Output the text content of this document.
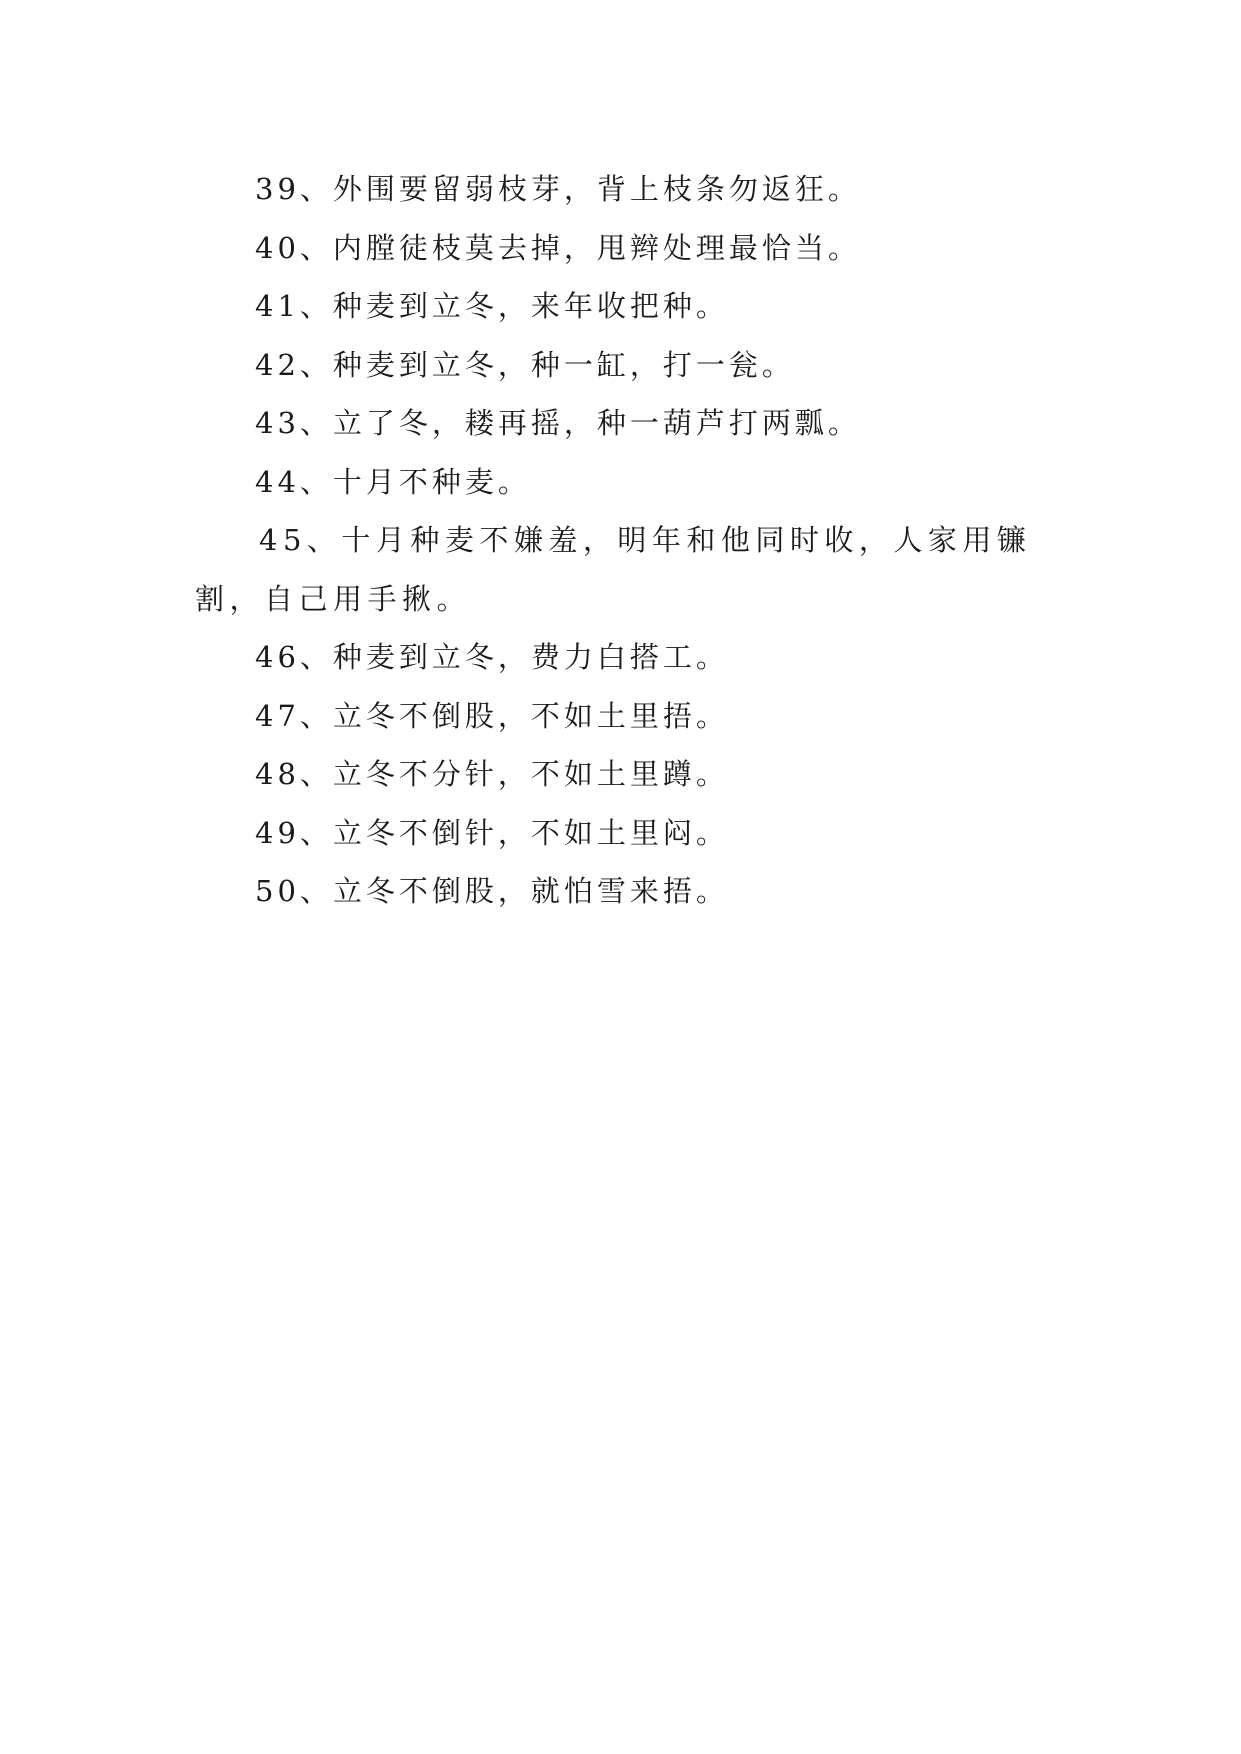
39、外围要留弱枝芽，背上枝条勿返狂。
40、内膛徒枝莫去掉，甩辫处理最恰当。
41、种麦到立冬，来年收把种。
42、种麦到立冬，种一缸，打一瓮。
43、立了冬，耧再摇，种一葫芦打两瓢。
44、十月不种麦。
45、十月种麦不嫌羞，明年和他同时收，人家用镰割，自己用手揪。
46、种麦到立冬，费力白搭工。
47、立冬不倒股，不如土里捂。
48、立冬不分针，不如土里蹲。
49、立冬不倒针，不如土里闷。
50、立冬不倒股，就怕雪来捂。
